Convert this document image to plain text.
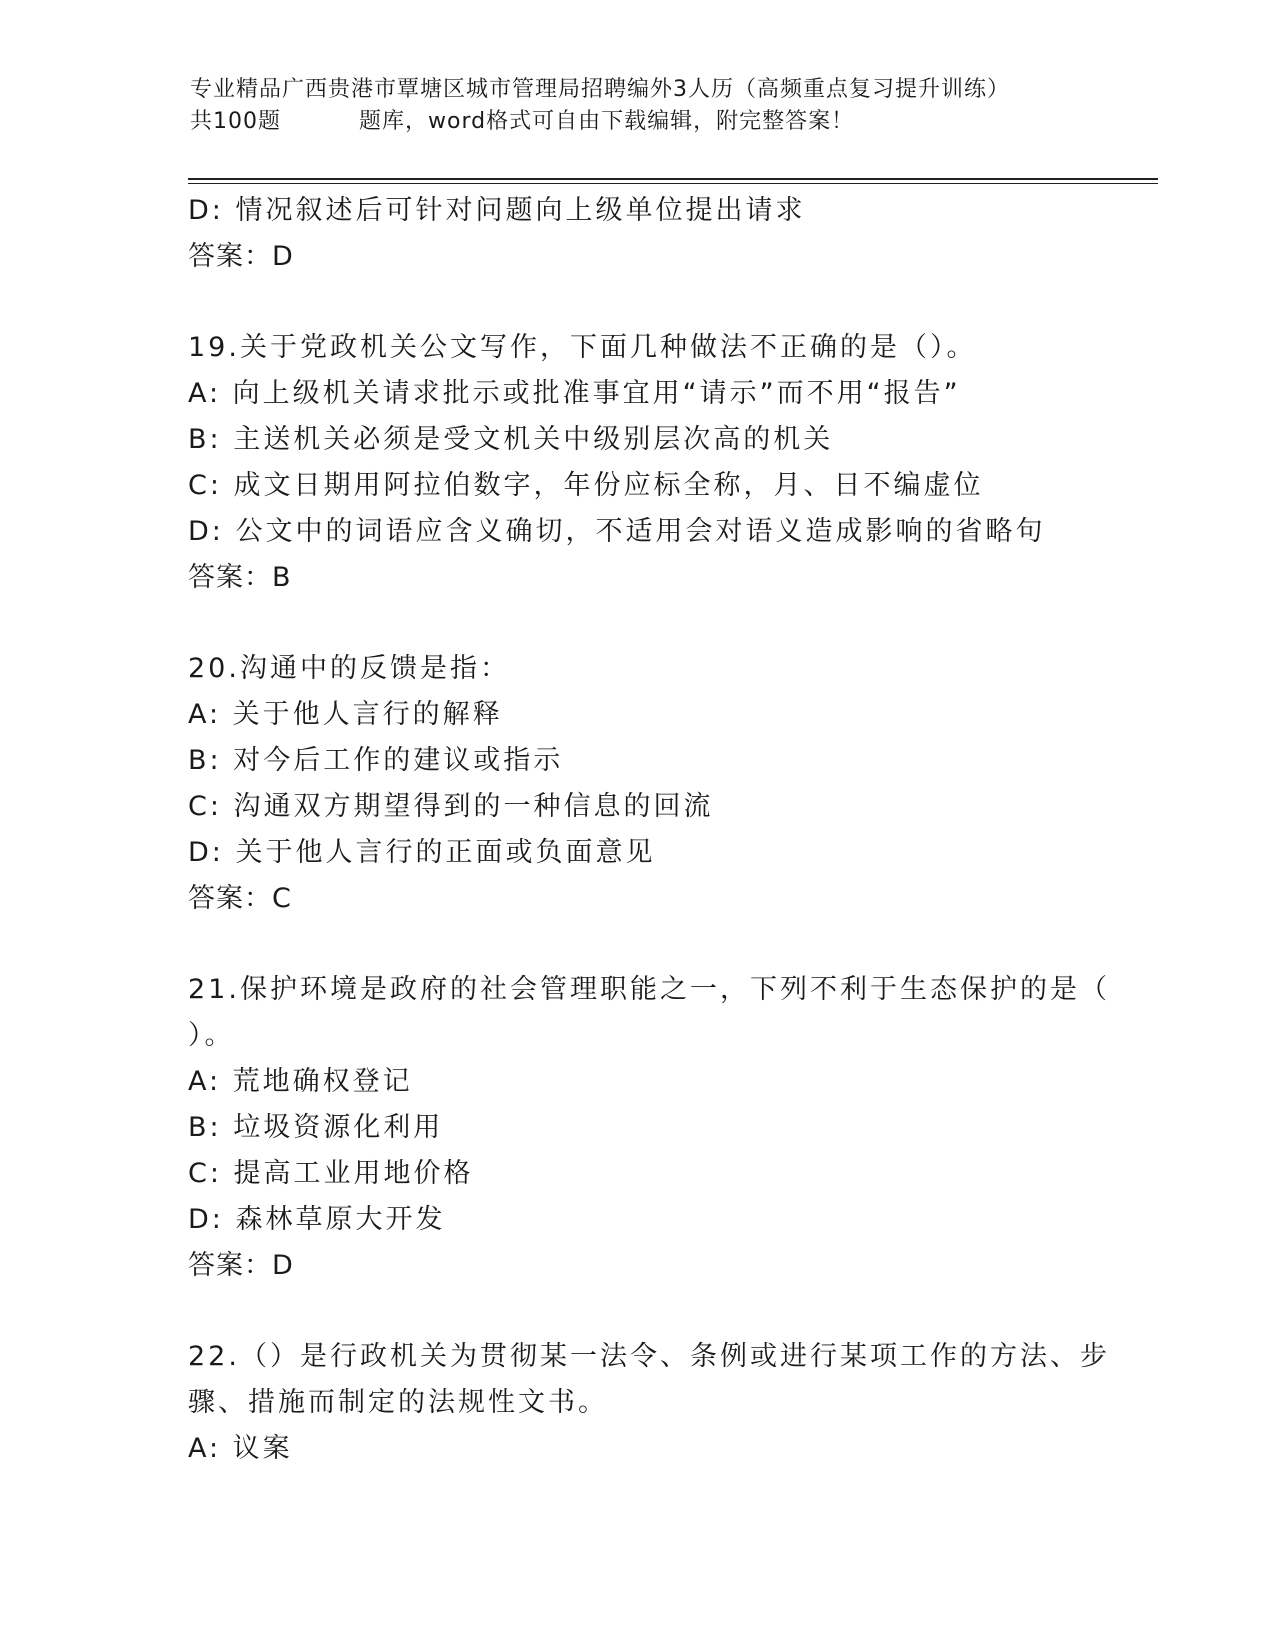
专业精品广西贵港市覃塘区城市管理局招聘编外3人历（高频重点复习提升训练）
共100题	题库，word格式可自由下载编辑，附完整答案！
D: 情况叙述后可针对问题向上级单位提出请求
答案：D
19.关于党政机关公文写作，下面几种做法不正确的是（）。
A: 向上级机关请求批示或批准事宜用“请示”而不用“报告”
B: 主送机关必须是受文机关中级别层次高的机关
C: 成文日期用阿拉伯数字，年份应标全称，月、日不编虚位
D: 公文中的词语应含义确切，不适用会对语义造成影响的省略句
答案：B
20.沟通中的反馈是指：
A: 关于他人言行的解释
B: 对今后工作的建议或指示
C: 沟通双方期望得到的一种信息的回流
D: 关于他人言行的正面或负面意见
答案：C
21.保护环境是政府的社会管理职能之一，下列不利于生态保护的是（
）。
A: 荒地确权登记
B: 垃圾资源化利用
C: 提高工业用地价格
D: 森林草原大开发
答案：D
22.（）是行政机关为贯彻某一法令、条例或进行某项工作的方法、步
骤、措施而制定的法规性文书。
A: 议案
